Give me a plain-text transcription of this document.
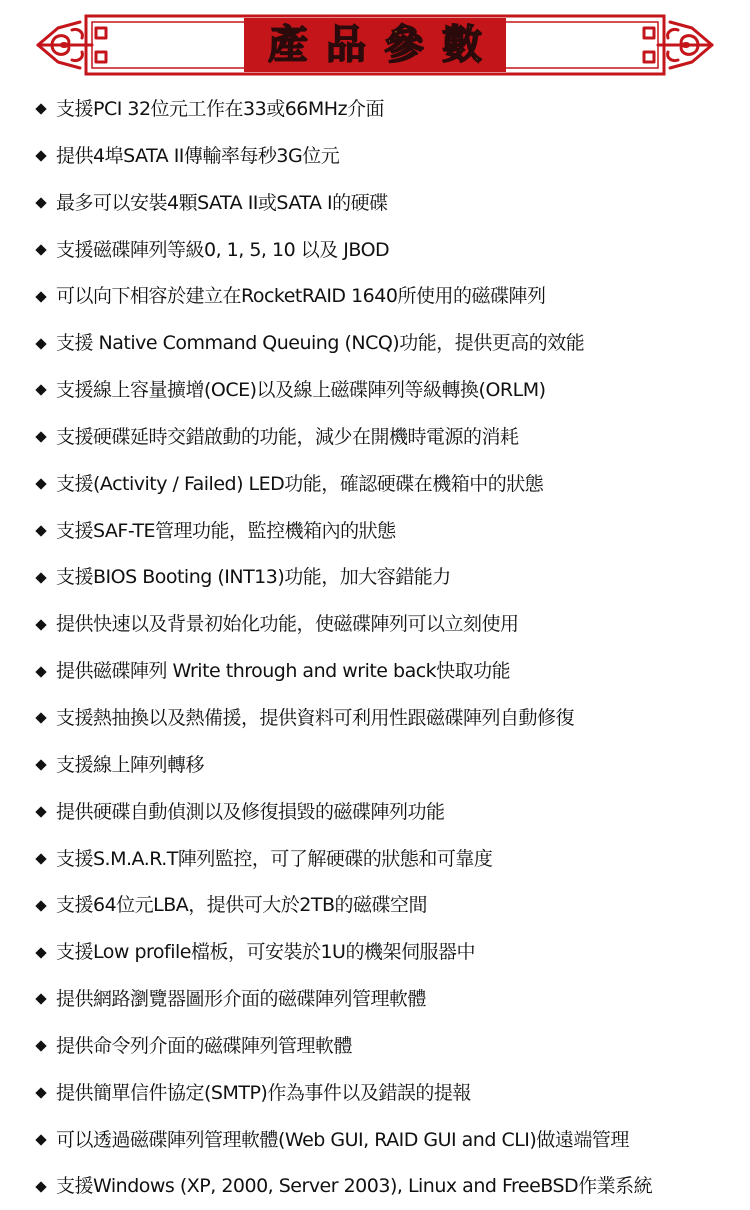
產品參數
支援PCI 32位元工作在33或66MHz介面
提供4埠SATA II傳輸率每秒3G位元
最多可以安裝4顆SATA II或SATA I的硬碟
支援磁碟陣列等級0, 1, 5, 10 以及 JBOD
可以向下相容於建立在RocketRAID 1640所使用的磁碟陣列
支援 Native Command Queuing (NCQ)功能，提供更高的效能
支援線上容量擴增(OCE)以及線上磁碟陣列等級轉換(ORLM)
支援硬碟延時交錯啟動的功能，減少在開機時電源的消耗
支援(Activity / Failed) LED功能，確認硬碟在機箱中的狀態
支援SAF-TE管理功能，監控機箱內的狀態
支援BIOS Booting (INT13)功能，加大容錯能力
提供快速以及背景初始化功能，使磁碟陣列可以立刻使用
提供磁碟陣列 Write through and write back快取功能
支援熱抽換以及熱備援，提供資料可利用性跟磁碟陣列自動修復
支援線上陣列轉移
提供硬碟自動偵測以及修復損毀的磁碟陣列功能
支援S.M.A.R.T陣列監控，可了解硬碟的狀態和可靠度
支援64位元LBA，提供可大於2TB的磁碟空間
支援Low profile檔板，可安裝於1U的機架伺服器中
提供網路瀏覽器圖形介面的磁碟陣列管理軟體
提供命令列介面的磁碟陣列管理軟體
提供簡單信件協定(SMTP)作為事件以及錯誤的提報
可以透過磁碟陣列管理軟體(Web GUI, RAID GUI and CLI)做遠端管理
支援Windows (XP, 2000, Server 2003), Linux and FreeBSD作業系統
